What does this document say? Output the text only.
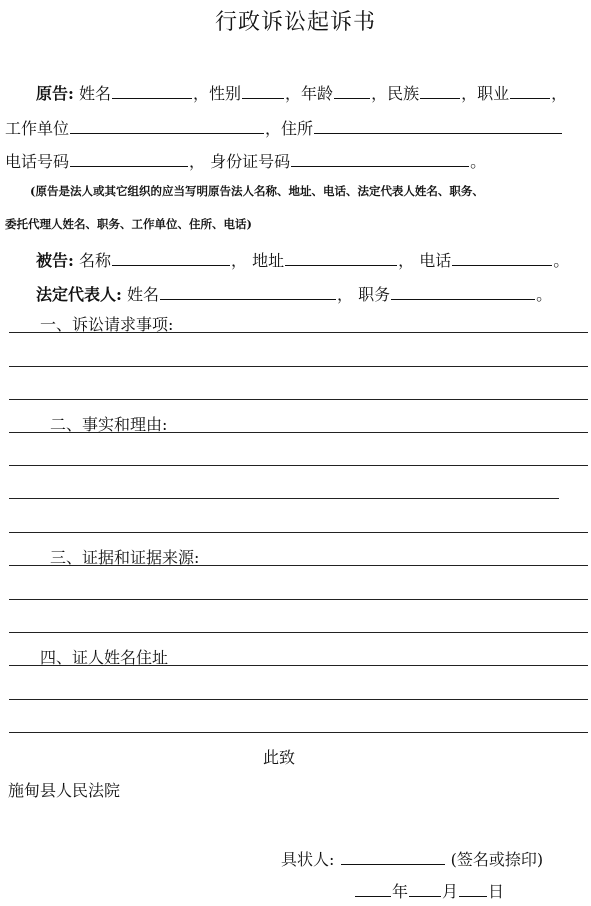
行政诉讼起诉书
原告: 姓名	，性别	，年龄 ，民族	，职业	，
工作单位	，住所
电话号码	， 身份证号码	。
(原告是法人或其它组织的应当写明原告法人名称、地址、电话、法定代表人姓名、职务、
委托代理人姓名、职务、工作单位、住所、电话)
被告: 名称	， 地址	， 电话	。
法定代表人: 姓名	， 职务	。
一、诉讼请求事项:
二、事实和理由:
三、证据和证据来源:
四、证人姓名住址
此致
施甸县人民法院
具状人:	(签名或捺印)
年 月 日
